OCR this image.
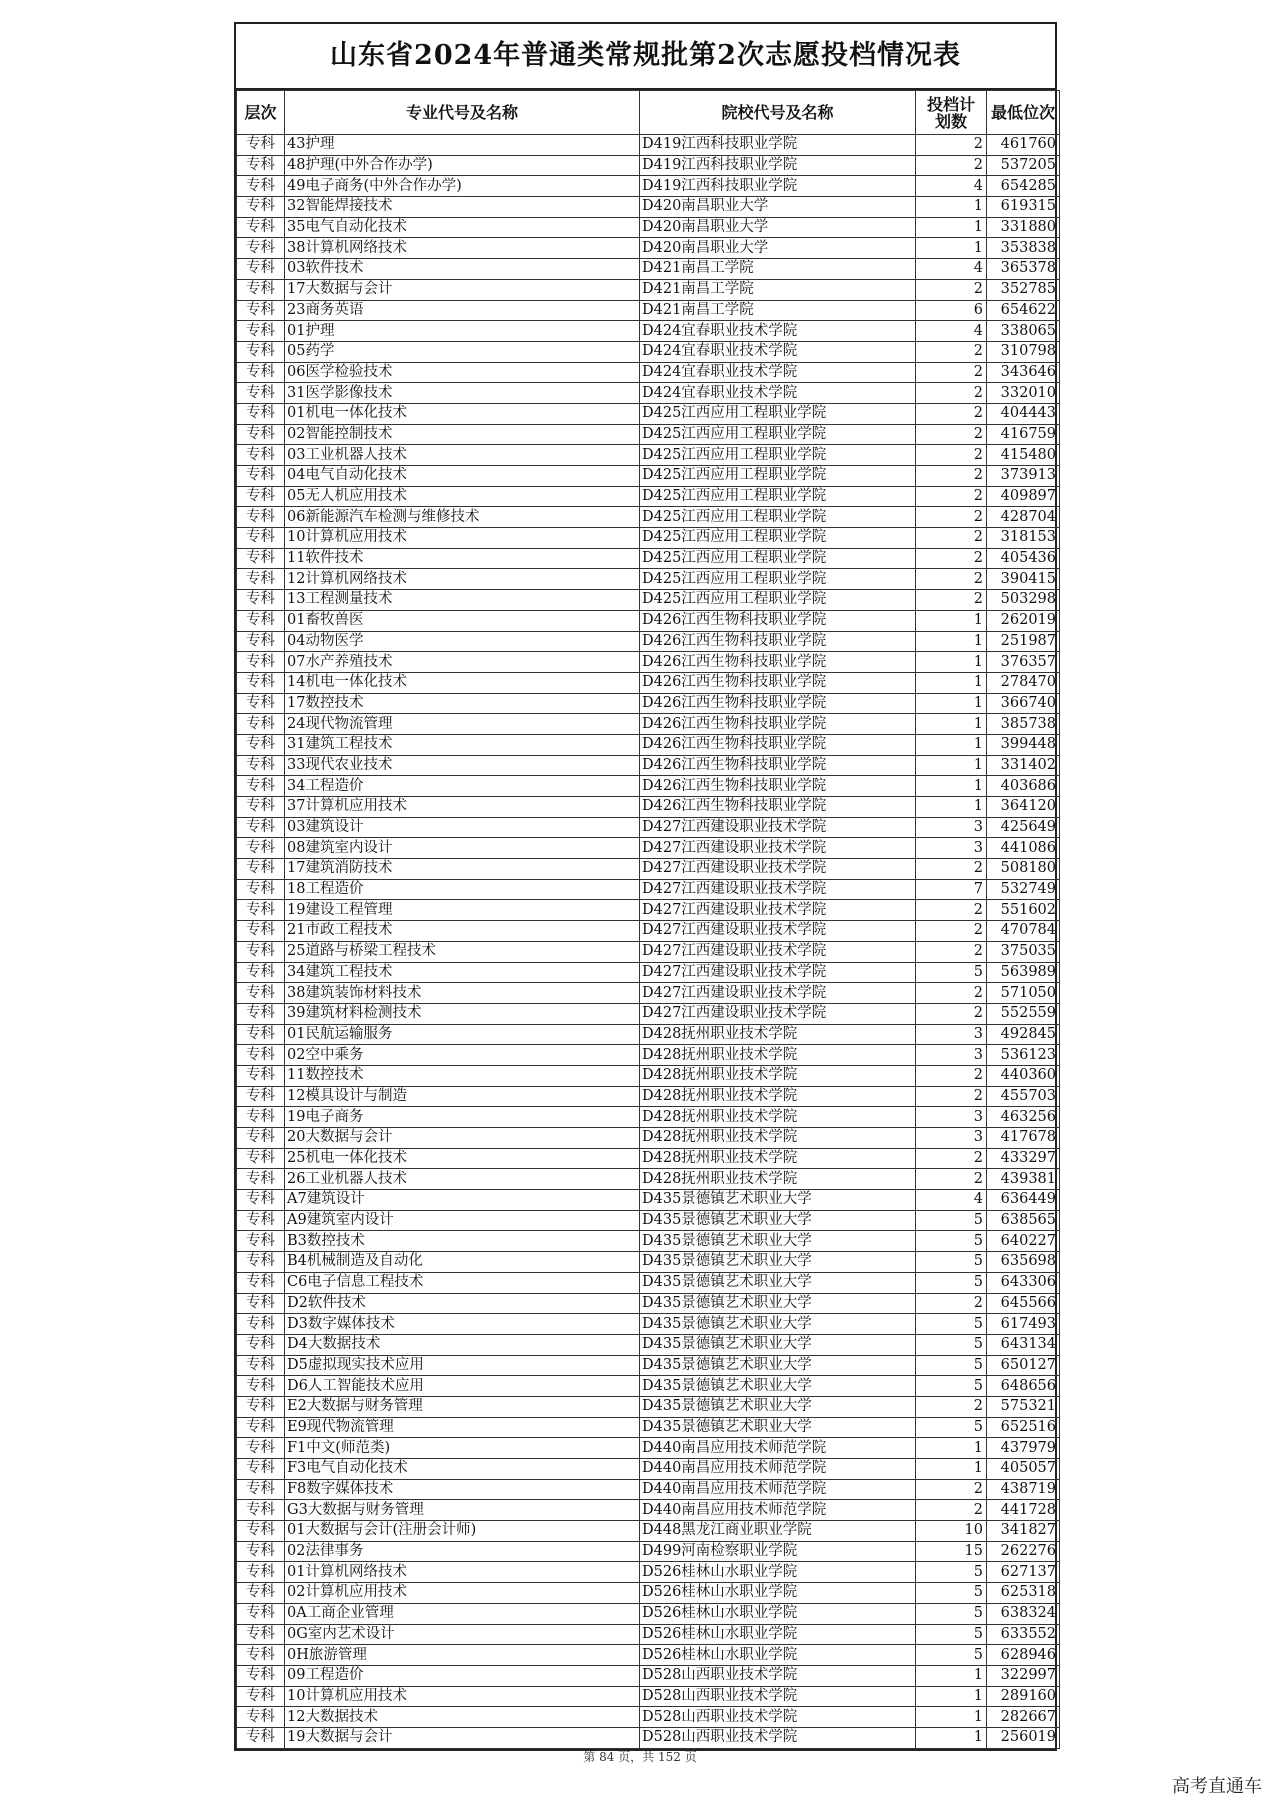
山东省2024年普通类常规批第2次志愿投档情况表
层次	专业代号及名称	院校代号及名称	投档计划数	最低位次
专科	43护理	D419江西科技职业学院	2	461760
专科	48护理(中外合作办学)	D419江西科技职业学院	2	537205
专科	49电子商务(中外合作办学)	D419江西科技职业学院	4	654285
专科	32智能焊接技术	D420南昌职业大学	1	619315
专科	35电气自动化技术	D420南昌职业大学	1	331880
专科	38计算机网络技术	D420南昌职业大学	1	353838
专科	03软件技术	D421南昌工学院	4	365378
专科	17大数据与会计	D421南昌工学院	2	352785
专科	23商务英语	D421南昌工学院	6	654622
专科	01护理	D424宜春职业技术学院	4	338065
专科	05药学	D424宜春职业技术学院	2	310798
专科	06医学检验技术	D424宜春职业技术学院	2	343646
专科	31医学影像技术	D424宜春职业技术学院	2	332010
专科	01机电一体化技术	D425江西应用工程职业学院	2	404443
专科	02智能控制技术	D425江西应用工程职业学院	2	416759
专科	03工业机器人技术	D425江西应用工程职业学院	2	415480
专科	04电气自动化技术	D425江西应用工程职业学院	2	373913
专科	05无人机应用技术	D425江西应用工程职业学院	2	409897
专科	06新能源汽车检测与维修技术	D425江西应用工程职业学院	2	428704
专科	10计算机应用技术	D425江西应用工程职业学院	2	318153
专科	11软件技术	D425江西应用工程职业学院	2	405436
专科	12计算机网络技术	D425江西应用工程职业学院	2	390415
专科	13工程测量技术	D425江西应用工程职业学院	2	503298
专科	01畜牧兽医	D426江西生物科技职业学院	1	262019
专科	04动物医学	D426江西生物科技职业学院	1	251987
专科	07水产养殖技术	D426江西生物科技职业学院	1	376357
专科	14机电一体化技术	D426江西生物科技职业学院	1	278470
专科	17数控技术	D426江西生物科技职业学院	1	366740
专科	24现代物流管理	D426江西生物科技职业学院	1	385738
专科	31建筑工程技术	D426江西生物科技职业学院	1	399448
专科	33现代农业技术	D426江西生物科技职业学院	1	331402
专科	34工程造价	D426江西生物科技职业学院	1	403686
专科	37计算机应用技术	D426江西生物科技职业学院	1	364120
专科	03建筑设计	D427江西建设职业技术学院	3	425649
专科	08建筑室内设计	D427江西建设职业技术学院	3	441086
专科	17建筑消防技术	D427江西建设职业技术学院	2	508180
专科	18工程造价	D427江西建设职业技术学院	7	532749
专科	19建设工程管理	D427江西建设职业技术学院	2	551602
专科	21市政工程技术	D427江西建设职业技术学院	2	470784
专科	25道路与桥梁工程技术	D427江西建设职业技术学院	2	375035
专科	34建筑工程技术	D427江西建设职业技术学院	5	563989
专科	38建筑装饰材料技术	D427江西建设职业技术学院	2	571050
专科	39建筑材料检测技术	D427江西建设职业技术学院	2	552559
专科	01民航运输服务	D428抚州职业技术学院	3	492845
专科	02空中乘务	D428抚州职业技术学院	3	536123
专科	11数控技术	D428抚州职业技术学院	2	440360
专科	12模具设计与制造	D428抚州职业技术学院	2	455703
专科	19电子商务	D428抚州职业技术学院	3	463256
专科	20大数据与会计	D428抚州职业技术学院	3	417678
专科	25机电一体化技术	D428抚州职业技术学院	2	433297
专科	26工业机器人技术	D428抚州职业技术学院	2	439381
专科	A7建筑设计	D435景德镇艺术职业大学	4	636449
专科	A9建筑室内设计	D435景德镇艺术职业大学	5	638565
专科	B3数控技术	D435景德镇艺术职业大学	5	640227
专科	B4机械制造及自动化	D435景德镇艺术职业大学	5	635698
专科	C6电子信息工程技术	D435景德镇艺术职业大学	5	643306
专科	D2软件技术	D435景德镇艺术职业大学	2	645566
专科	D3数字媒体技术	D435景德镇艺术职业大学	5	617493
专科	D4大数据技术	D435景德镇艺术职业大学	5	643134
专科	D5虚拟现实技术应用	D435景德镇艺术职业大学	5	650127
专科	D6人工智能技术应用	D435景德镇艺术职业大学	5	648656
专科	E2大数据与财务管理	D435景德镇艺术职业大学	2	575321
专科	E9现代物流管理	D435景德镇艺术职业大学	5	652516
专科	F1中文(师范类)	D440南昌应用技术师范学院	1	437979
专科	F3电气自动化技术	D440南昌应用技术师范学院	1	405057
专科	F8数字媒体技术	D440南昌应用技术师范学院	2	438719
专科	G3大数据与财务管理	D440南昌应用技术师范学院	2	441728
专科	01大数据与会计(注册会计师)	D448黑龙江商业职业学院	10	341827
专科	02法律事务	D499河南检察职业学院	15	262276
专科	01计算机网络技术	D526桂林山水职业学院	5	627137
专科	02计算机应用技术	D526桂林山水职业学院	5	625318
专科	0A工商企业管理	D526桂林山水职业学院	5	638324
专科	0G室内艺术设计	D526桂林山水职业学院	5	633552
专科	0H旅游管理	D526桂林山水职业学院	5	628946
专科	09工程造价	D528山西职业技术学院	1	322997
专科	10计算机应用技术	D528山西职业技术学院	1	289160
专科	12大数据技术	D528山西职业技术学院	1	282667
专科	19大数据与会计	D528山西职业技术学院	1	256019
第 84 页，共 152 页
高考直通车
